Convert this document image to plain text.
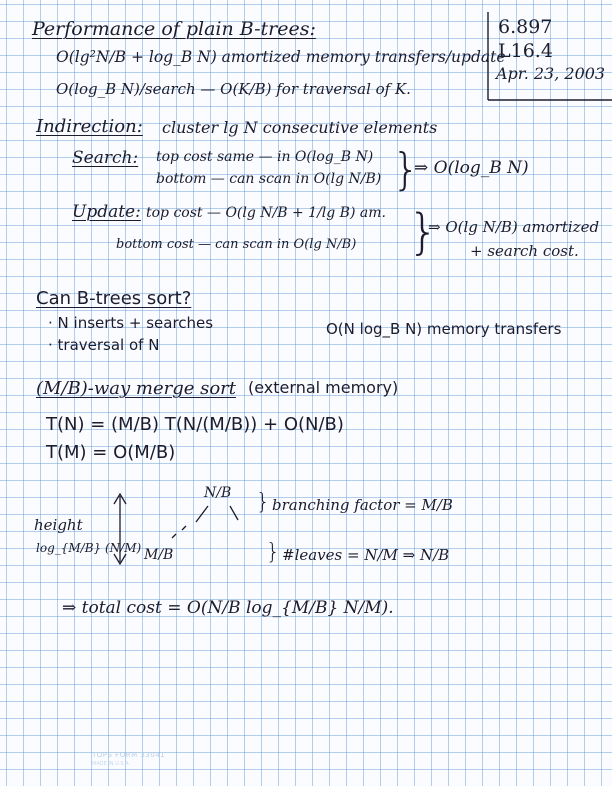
Performance of plain B-trees:	6.897
L16.4
Apr. 23, 2003
O(lg²N/B + log_B N) amortized memory transfers/update
O(log_B N)/search — O(K/B) for traversal of K.
Indirection: cluster lg N consecutive elements
Search: top cost same — in O(log_B N)
bottom — can scan in O(lg N/B) }
⇒ O(log_B N)
Update: top cost — O(lg N/B + 1/lg B) am.
bottom cost — can scan in O(lg N/B) }
⇒ O(lg N/B) amortized
+ search cost.
Can B-trees sort?
· N inserts + searches
· traversal of N
O(N log_B N) memory transfers
(M/B)-way merge sort (external memory)
T(N) = (M/B) T(N/(M/B)) + O(N/B)
T(M) = O(M/B)
N/B
M/B
height
log_{M/B} (N/M)
} branching factor = M/B
} #leaves = N/M ⇒ N/B
⇒ total cost = O(N/B log_{M/B} N/M).
TOPS FORM 33041
MADE IN U.S.A.
